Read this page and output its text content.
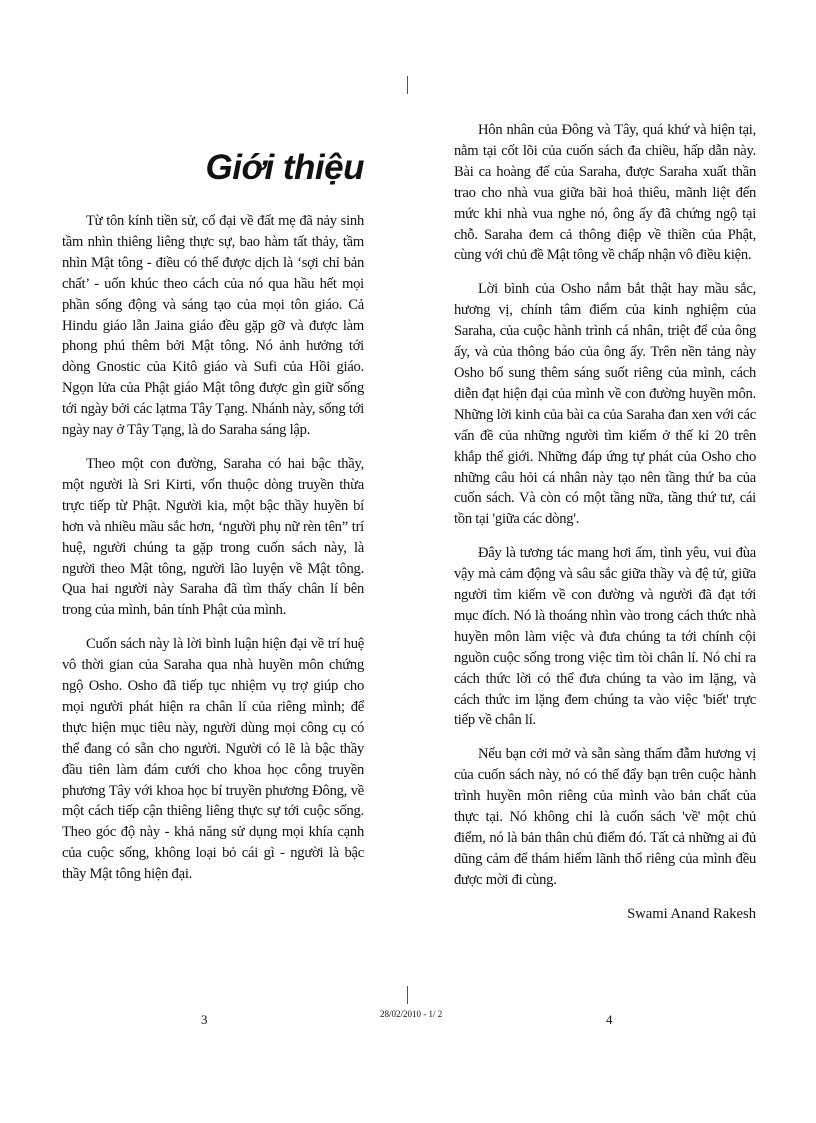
Giới thiệu

Từ tôn kính tiền sử, cổ đại về đất mẹ đã nảy sinh tầm nhìn thiêng liêng thực sự, bao hàm tất thảy, tầm nhìn Mật tông - điều có thể được dịch là ‘sợi chỉ bản chất’ - uốn khúc theo cách của nó qua hầu hết mọi phần sống động và sáng tạo của mọi tôn giáo. Cả Hindu giáo lẫn Jaina giáo đều gặp gỡ và được làm phong phú thêm bởi Mật tông. Nó ảnh hưởng tới dòng Gnostic của Kitô giáo và Sufi của Hồi giáo. Ngọn lửa của Phật giáo Mật tông được gìn giữ sống tới ngày bởi các lạtma Tây Tạng. Nhánh này, sống tới ngày nay ở Tây Tạng, là do Saraha sáng lập.

Theo một con đường, Saraha có hai bậc thầy, một người là Sri Kirti, vốn thuộc dòng truyền thừa trực tiếp từ Phật. Người kia, một bậc thầy huyền bí hơn và nhiều mầu sắc hơn, ‘người phụ nữ rèn tên” trí huệ, người chúng ta gặp trong cuốn sách này, là người theo Mật tông, người lão luyện về Mật tông. Qua hai người này Saraha đã tìm thấy chân lí bên trong của mình, bản tính Phật của mình.

Cuốn sách này là lời bình luận hiện đại về trí huệ vô thời gian của Saraha qua nhà huyền môn chứng ngộ Osho. Osho đã tiếp tục nhiệm vụ trợ giúp cho mọi người phát hiện ra chân lí của riêng mình; để thực hiện mục tiêu này, người dùng mọi công cụ có thể đang có sẵn cho người. Người có lẽ là bậc thầy đầu tiên làm đám cưới cho khoa học công truyền phương Tây với khoa học bí truyền phương Đông, về một cách tiếp cận thiêng liêng thực sự tới cuộc sống. Theo góc độ này - khả năng sử dụng mọi khía cạnh của cuộc sống, không loại bỏ cái gì - người là bậc thầy Mật tông hiện đại.

Hôn nhân của Đông và Tây, quá khứ và hiện tại, nằm tại cốt lõi của cuốn sách đa chiều, hấp dẫn này. Bài ca hoàng đế của Saraha, được Saraha xuất thần trao cho nhà vua giữa bãi hoả thiêu, mãnh liệt đến mức khi nhà vua nghe nó, ông ấy đã chứng ngộ tại chỗ. Saraha đem cả thông điệp về thiền của Phật, cùng với chủ đề Mật tông về chấp nhận vô điều kiện.

Lời bình của Osho nắm bắt thật hay mầu sắc, hương vị, chính tâm điểm của kinh nghiệm của Saraha, của cuộc hành trình cá nhân, triệt để của ông ấy, và của thông báo của ông ấy. Trên nền tảng này Osho bổ sung thêm sáng suốt riêng của mình, cách diễn đạt hiện đại của mình về con đường huyền môn. Những lời kinh của bài ca của Saraha đan xen với các vấn đề của những người tìm kiếm ở thế kỉ 20 trên khắp thế giới. Những đáp ứng tự phát của Osho cho những câu hỏi cá nhân này tạo nên tầng thứ ba của cuốn sách. Và còn có một tầng nữa, tầng thứ tư, cái tồn tại 'giữa các dòng'.

Đây là tương tác mang hơi ấm, tình yêu, vui đùa vậy mà cảm động và sâu sắc giữa thầy và đệ tử, giữa người tìm kiếm về con đường và người đã đạt tới mục đích. Nó là thoáng nhìn vào trong cách thức nhà huyền môn làm việc và đưa chúng ta tới chính cội nguồn cuộc sống trong việc tìm tòi chân lí. Nó chỉ ra cách thức lời có thể đưa chúng ta vào im lặng, và cách thức im lặng đem chúng ta vào việc 'biết' trực tiếp về chân lí.

Nếu bạn cởi mở và sẵn sàng thấm đẫm hương vị của cuốn sách này, nó có thể đẩy bạn trên cuộc hành trình huyền môn riêng của mình vào bản chất của thực tại. Nó không chỉ là cuốn sách 'về' một chủ điểm, nó là bản thân chủ điểm đó. Tất cả những ai đủ dũng cảm để thám hiểm lãnh thổ riêng của mình đều được mời đi cùng.

Swami Anand Rakesh
3	28/02/2010 - 1/ 2	4
